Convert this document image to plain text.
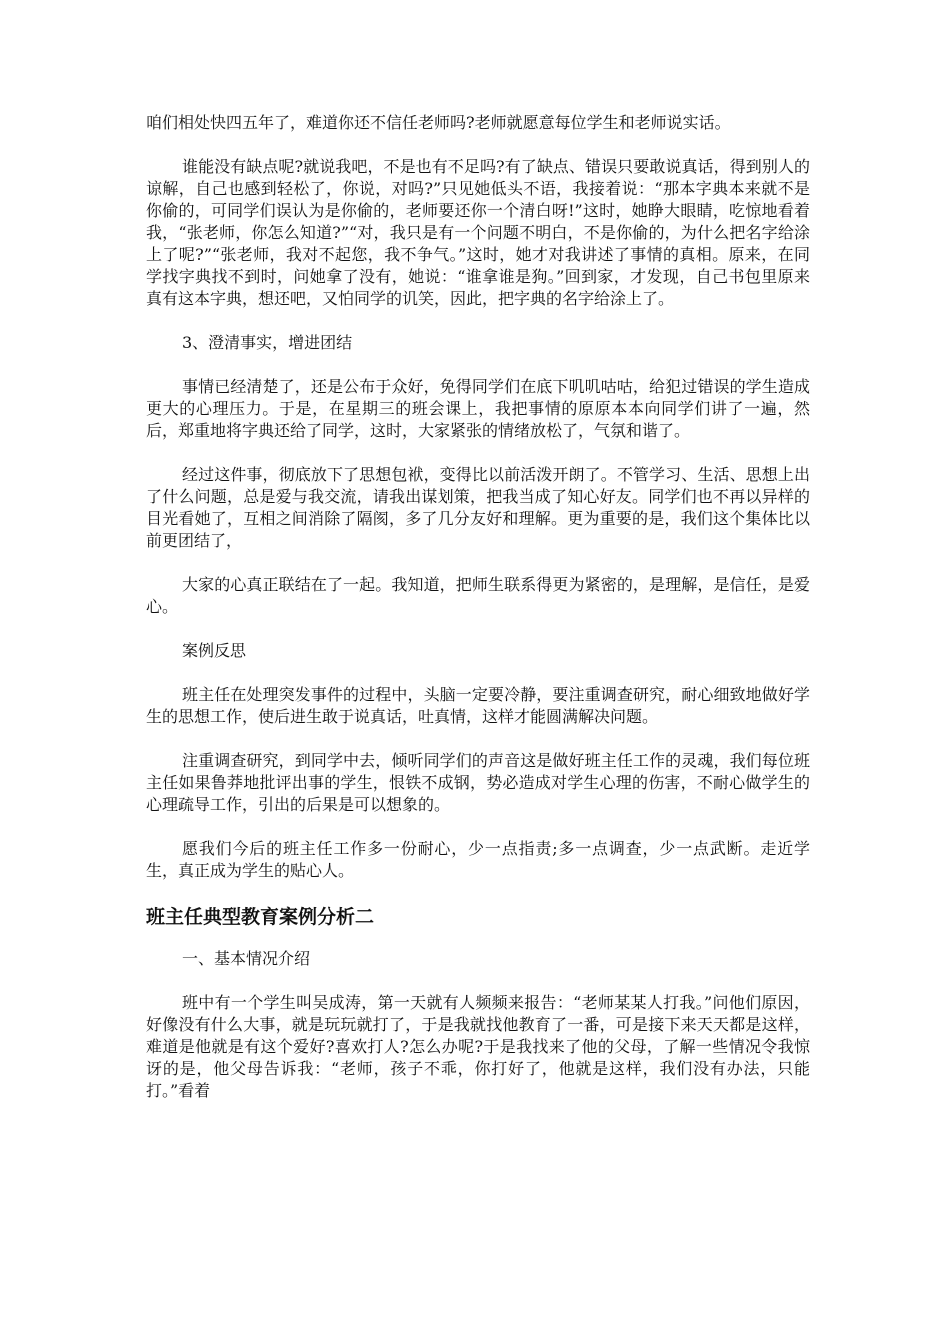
咱们相处快四五年了，难道你还不信任老师吗?老师就愿意每位学生和老师说实话。

谁能没有缺点呢?就说我吧，不是也有不足吗?有了缺点、错误只要敢说真话，得到别人的谅解，自己也感到轻松了，你说，对吗?”只见她低头不语，我接着说：“那本字典本来就不是你偷的，可同学们误认为是你偷的，老师要还你一个清白呀!”这时，她睁大眼睛，吃惊地看着我，“张老师，你怎么知道?”“对，我只是有一个问题不明白，不是你偷的，为什么把名字给涂上了呢?”“张老师，我对不起您，我不争气。”这时，她才对我讲述了事情的真相。原来，在同学找字典找不到时，问她拿了没有，她说：“谁拿谁是狗。”回到家，才发现，自己书包里原来真有这本字典，想还吧，又怕同学的讥笑，因此，把字典的名字给涂上了。

3、澄清事实，增进团结

事情已经清楚了，还是公布于众好，免得同学们在底下叽叽咕咕，给犯过错误的学生造成更大的心理压力。于是，在星期三的班会课上，我把事情的原原本本向同学们讲了一遍，然后，郑重地将字典还给了同学，这时，大家紧张的情绪放松了，气氛和谐了。

经过这件事，彻底放下了思想包袱，变得比以前活泼开朗了。不管学习、生活、思想上出了什么问题，总是爱与我交流，请我出谋划策，把我当成了知心好友。同学们也不再以异样的目光看她了，互相之间消除了隔阂，多了几分友好和理解。更为重要的是，我们这个集体比以前更团结了，

大家的心真正联结在了一起。我知道，把师生联系得更为紧密的，是理解，是信任，是爱心。

案例反思

班主任在处理突发事件的过程中，头脑一定要冷静，要注重调查研究，耐心细致地做好学生的思想工作，使后进生敢于说真话，吐真情，这样才能圆满解决问题。

注重调查研究，到同学中去，倾听同学们的声音这是做好班主任工作的灵魂，我们每位班主任如果鲁莽地批评出事的学生，恨铁不成钢，势必造成对学生心理的伤害，不耐心做学生的心理疏导工作，引出的后果是可以想象的。

愿我们今后的班主任工作多一份耐心，少一点指责;多一点调查，少一点武断。走近学生，真正成为学生的贴心人。

班主任典型教育案例分析二

一、基本情况介绍

班中有一个学生叫吴成涛，第一天就有人频频来报告：“老师某某人打我。”问他们原因，好像没有什么大事，就是玩玩就打了，于是我就找他教育了一番，可是接下来天天都是这样，难道是他就是有这个爱好?喜欢打人?怎么办呢?于是我找来了他的父母，了解一些情况令我惊讶的是，他父母告诉我：“老师，孩子不乖，你打好了，他就是这样，我们没有办法，只能打。”看着
